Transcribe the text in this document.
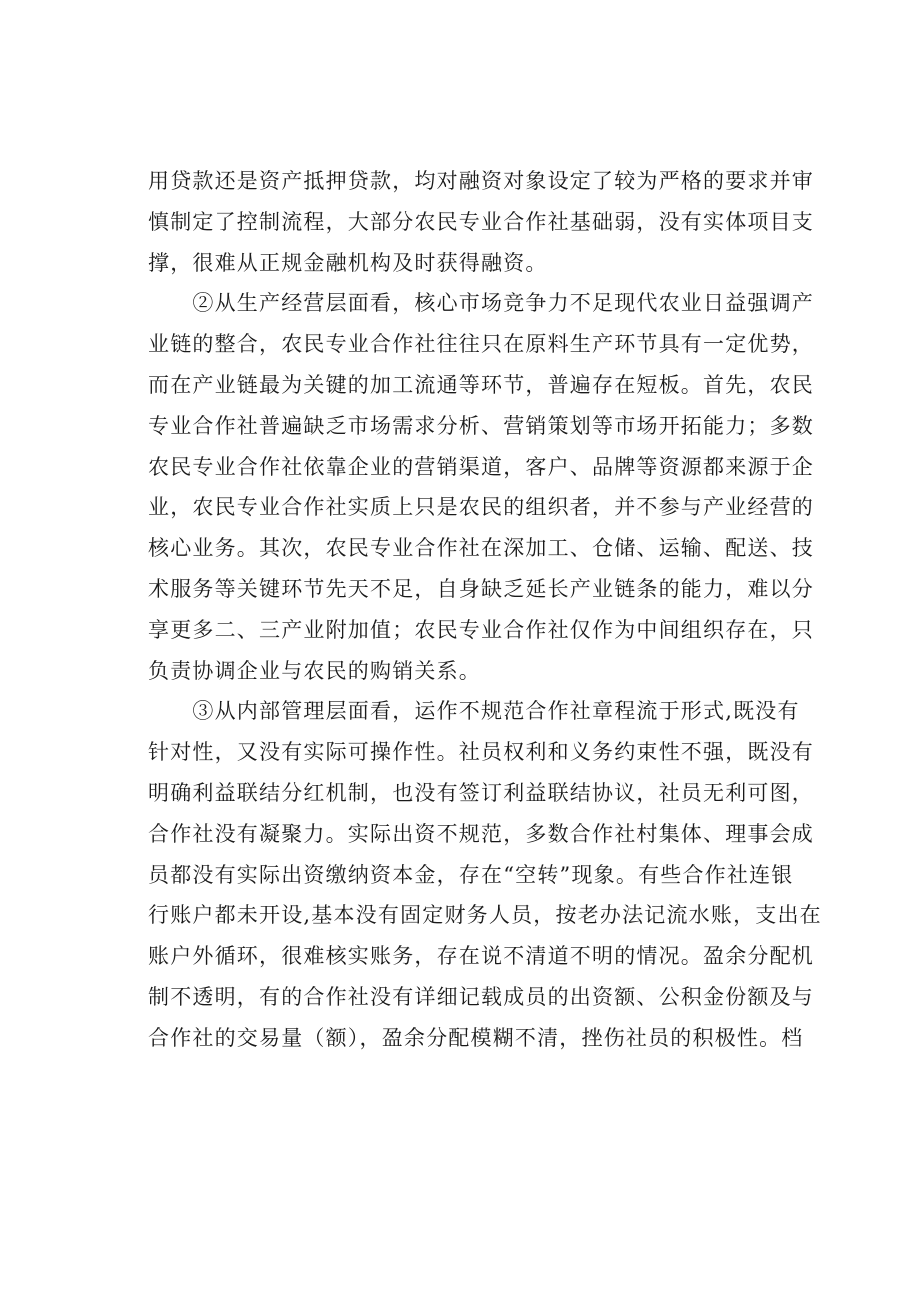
用贷款还是资产抵押贷款，均对融资对象设定了较为严格的要求并审
慎制定了控制流程，大部分农民专业合作社基础弱，没有实体项目支
撑，很难从正规金融机构及时获得融资。
　　②从生产经营层面看，核心市场竞争力不足现代农业日益强调产
业链的整合，农民专业合作社往往只在原料生产环节具有一定优势，
而在产业链最为关键的加工流通等环节，普遍存在短板。首先，农民
专业合作社普遍缺乏市场需求分析、营销策划等市场开拓能力；多数
农民专业合作社依靠企业的营销渠道，客户、品牌等资源都来源于企
业，农民专业合作社实质上只是农民的组织者，并不参与产业经营的
核心业务。其次，农民专业合作社在深加工、仓储、运输、配送、技
术服务等关键环节先天不足，自身缺乏延长产业链条的能力，难以分
享更多二、三产业附加值；农民专业合作社仅作为中间组织存在，只
负责协调企业与农民的购销关系。
　　③从内部管理层面看，运作不规范合作社章程流于形式,既没有
针对性，又没有实际可操作性。社员权利和义务约束性不强，既没有
明确利益联结分红机制，也没有签订利益联结协议，社员无利可图，
合作社没有凝聚力。实际出资不规范，多数合作社村集体、理事会成
员都没有实际出资缴纳资本金，存在“空转”现象。有些合作社连银
行账户都未开设,基本没有固定财务人员，按老办法记流水账，支出在
账户外循环，很难核实账务，存在说不清道不明的情况。盈余分配机
制不透明，有的合作社没有详细记载成员的出资额、公积金份额及与
合作社的交易量（额），盈余分配模糊不清，挫伤社员的积极性。档
